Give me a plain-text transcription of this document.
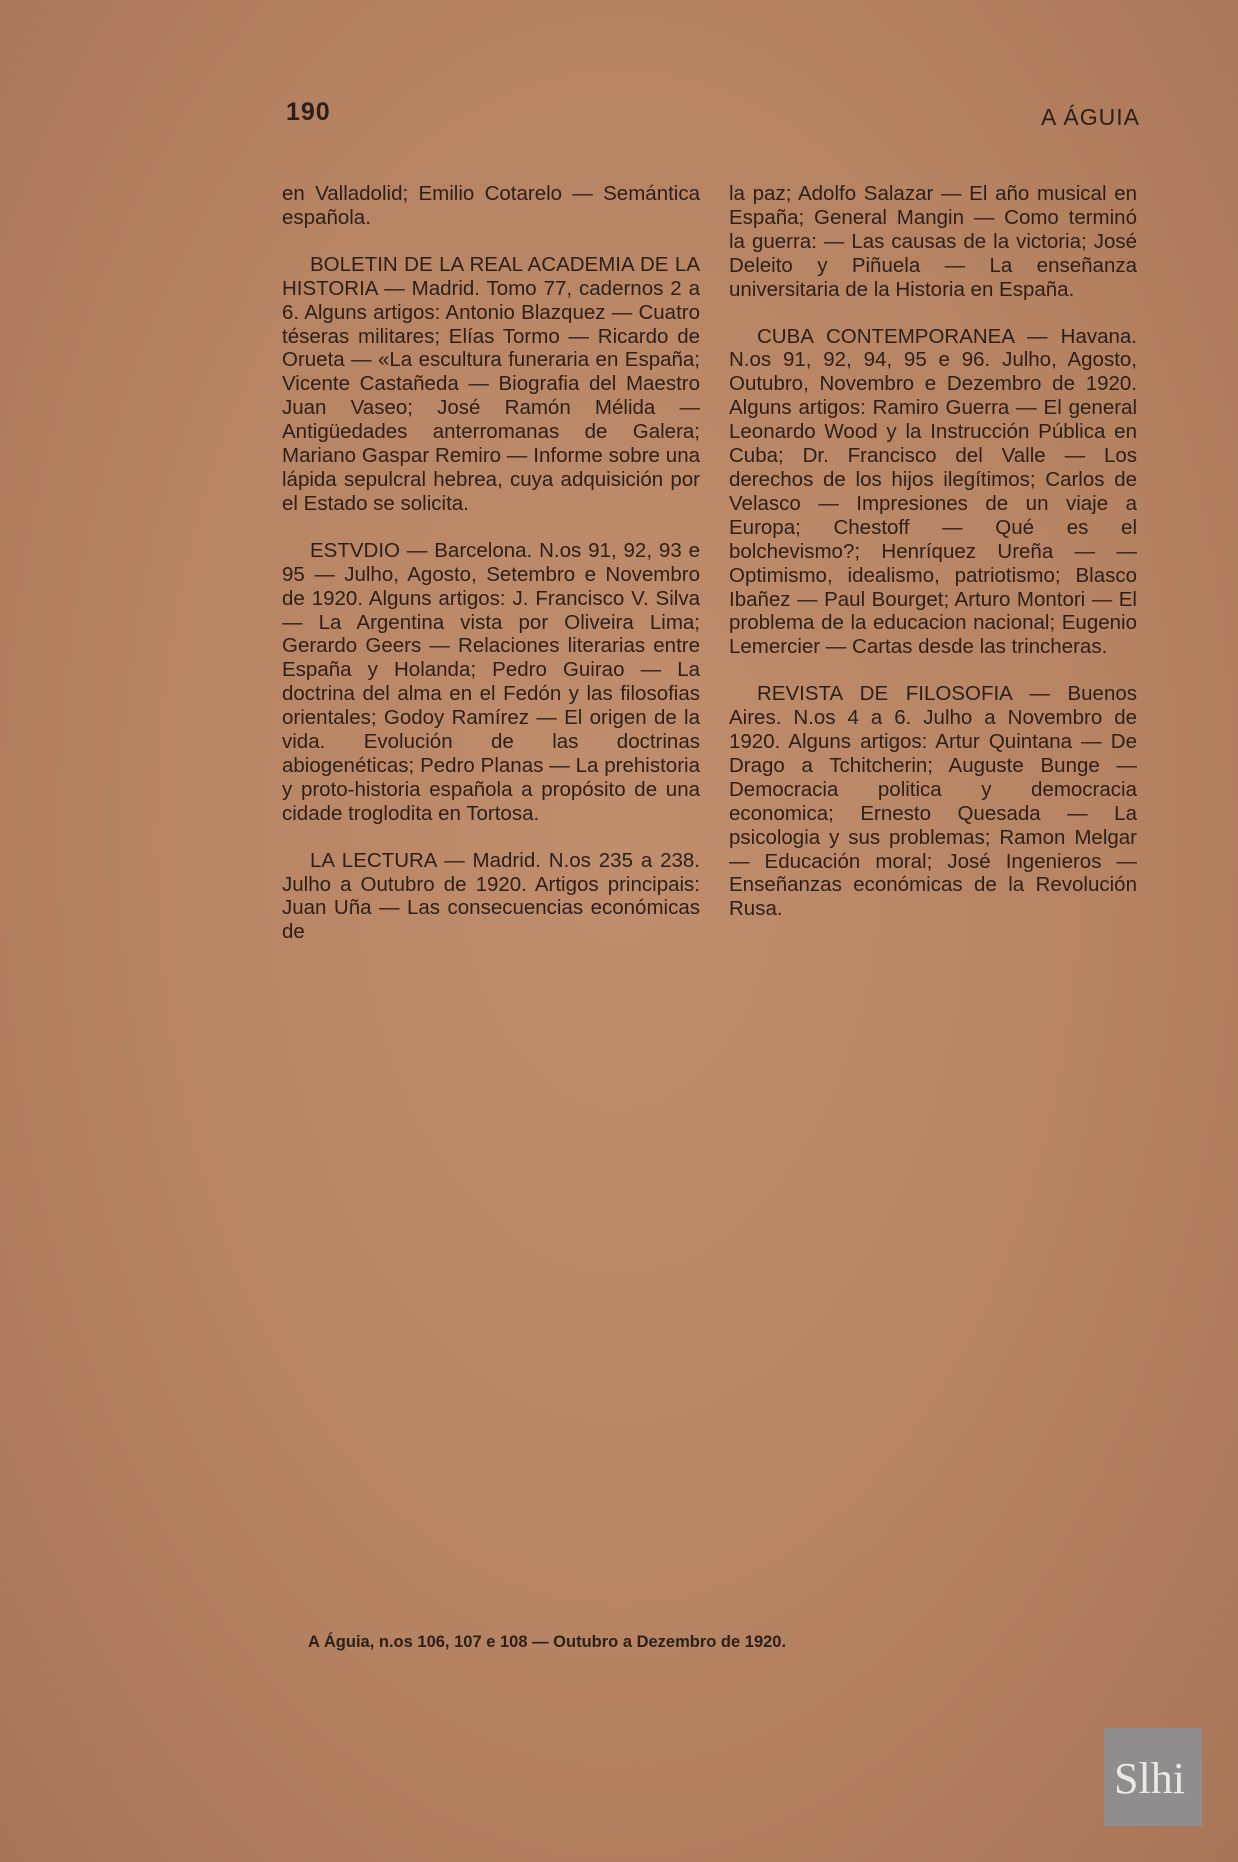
190	A ÁGUIA

en Valladolid; Emilio Cotarelo — Semántica española.

BOLETIN DE LA REAL ACADEMIA DE LA HISTORIA — Madrid. Tomo 77, cadernos 2 a 6. Alguns artigos: Antonio Blazquez — Cuatro téseras militares; Elías Tormo — Ricardo de Orueta — «La escultura funeraria en España; Vicente Castañeda — Biografia del Maestro Juan Vaseo; José Ramón Mélida — Antigüedades anterromanas de Galera; Mariano Gaspar Remiro — Informe sobre una lápida sepulcral hebrea, cuya adquisición por el Estado se solicita.

ESTVDIO — Barcelona. N.os 91, 92, 93 e 95 — Julho, Agosto, Setembro e Novembro de 1920. Alguns artigos: J. Francisco V. Silva — La Argentina vista por Oliveira Lima; Gerardo Geers — Relaciones literarias entre España y Holanda; Pedro Guirao — La doctrina del alma en el Fedón y las filosofias orientales; Godoy Ramírez — El origen de la vida. Evolución de las doctrinas abiogenéticas; Pedro Planas — La prehistoria y proto-historia española a propósito de una cidade troglodita en Tortosa.

LA LECTURA — Madrid. N.os 235 a 238. Julho a Outubro de 1920. Artigos principais: Juan Uña — Las consecuencias económicas de

la paz; Adolfo Salazar — El año musical en España; General Mangin — Como terminó la guerra: — Las causas de la victoria; José Deleito y Piñuela — La enseñanza universitaria de la Historia en España.

CUBA CONTEMPORANEA — Havana. N.os 91, 92, 94, 95 e 96. Julho, Agosto, Outubro, Novembro e Dezembro de 1920. Alguns artigos: Ramiro Guerra — El general Leonardo Wood y la Instrucción Pública en Cuba; Dr. Francisco del Valle — Los derechos de los hijos ilegítimos; Carlos de Velasco — Impresiones de un viaje a Europa; Chestoff — Qué es el bolchevismo?; Henríquez Ureña — — Optimismo, idealismo, patriotismo; Blasco Ibañez — Paul Bourget; Arturo Montori — El problema de la educacion nacional; Eugenio Lemercier — Cartas desde las trincheras.

REVISTA DE FILOSOFIA — Buenos Aires. N.os 4 a 6. Julho a Novembro de 1920. Alguns artigos: Artur Quintana — De Drago a Tchitcherin; Auguste Bunge — Democracia politica y democracia economica; Ernesto Quesada — La psicologia y sus problemas; Ramon Melgar — Educación moral; José Ingenieros — Enseñanzas económicas de la Revolución Rusa.

A Águia, n.os 106, 107 e 108 — Outubro a Dezembro de 1920.
Slhi
